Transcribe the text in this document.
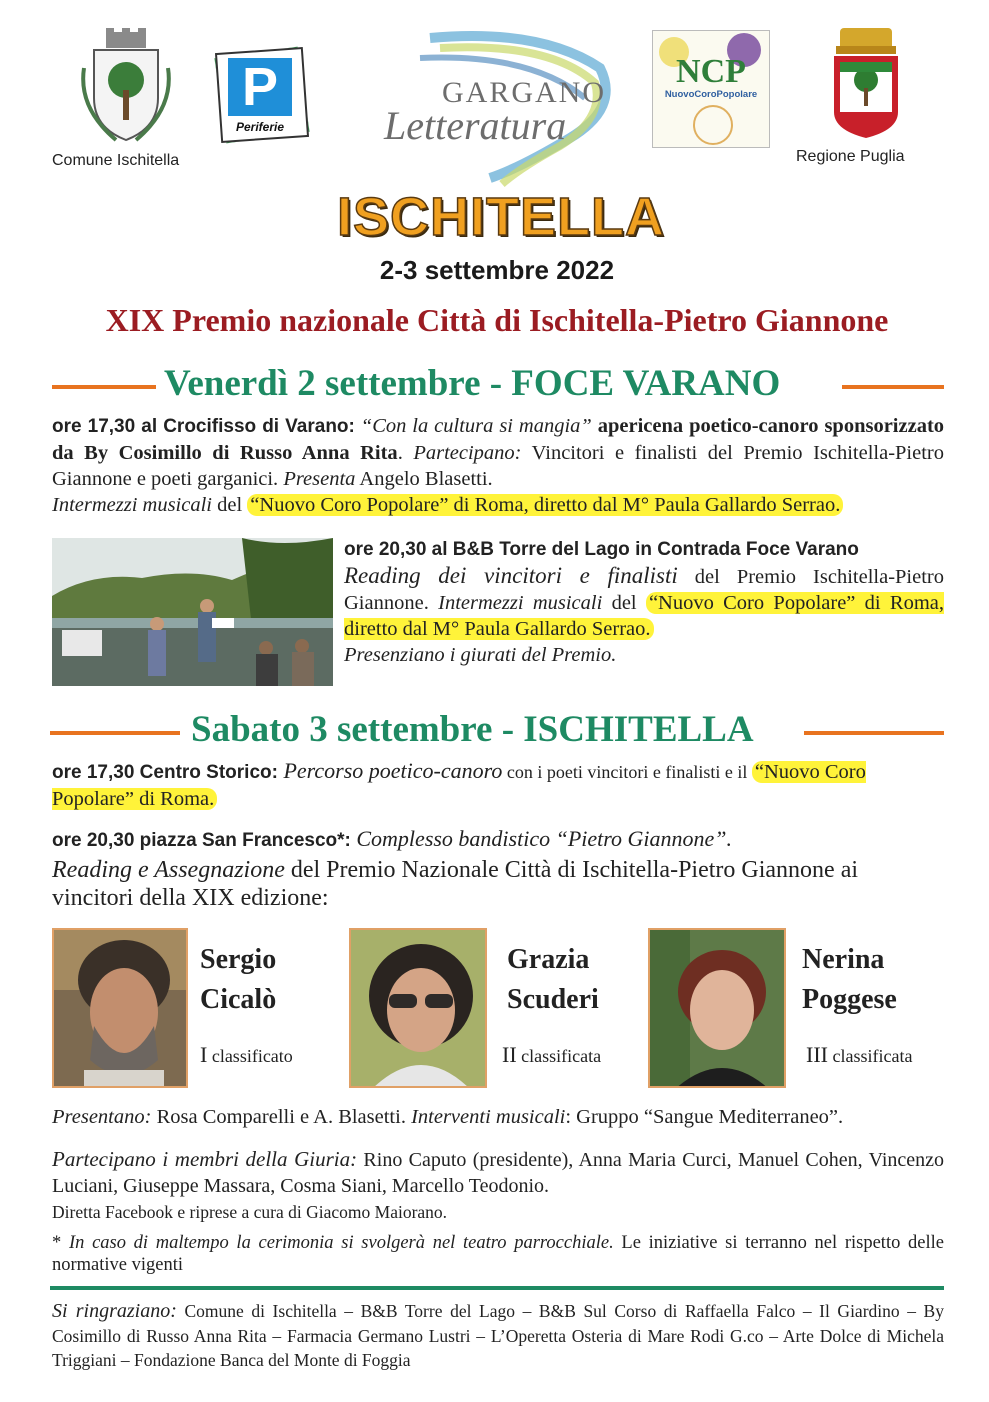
Comune Ischitella
P
Periferie
GARGANO
Letteratura
NCP
NuovoCoroPopolare
Regione Puglia
ISCHITELLA
2-3 settembre 2022
XIX Premio nazionale Città di Ischitella-Pietro Giannone
Venerdì 2 settembre - FOCE VARANO
ore 17,30 al Crocifisso di Varano: “Con la cultura si mangia” apericena poetico-canoro sponsorizzato da By Cosimillo di Russo Anna Rita. Partecipano: Vincitori e finalisti del Premio Ischitella-Pietro Giannone e poeti garganici. Presenta Angelo Blasetti.
Intermezzi musicali del “Nuovo Coro Popolare” di Roma, diretto dal M° Paula Gallardo Serrao.
ore 20,30 al B&B Torre del Lago in Contrada Foce Varano
Reading dei vincitori e finalisti del Premio Ischitella-Pietro Giannone. Intermezzi musicali del “Nuovo Coro Popolare” di Roma, diretto dal M° Paula Gallardo Serrao.
Presenziano i giurati del Premio.
Sabato 3 settembre - ISCHITELLA
ore 17,30 Centro Storico: Percorso poetico-canoro con i poeti vincitori e finalisti e il “Nuovo Coro Popolare” di Roma.
ore 20,30 piazza San Francesco*: Complesso bandistico “Pietro Giannone”.
Reading e Assegnazione del Premio Nazionale Città di Ischitella-Pietro Giannone ai vincitori della XIX edizione:
Sergio
Cicalò
I classificato
Grazia
Scuderi
II classificata
Nerina
Poggese
III classificata
Presentano: Rosa Comparelli e A. Blasetti. Interventi musicali: Gruppo “Sangue Mediterraneo”.
Partecipano i membri della Giuria: Rino Caputo (presidente), Anna Maria Curci, Manuel Cohen, Vincenzo Luciani, Giuseppe Massara, Cosma Siani, Marcello Teodonio.
Diretta Facebook e riprese a cura di Giacomo Maiorano.
* In caso di maltempo la cerimonia si svolgerà nel teatro parrocchiale. Le iniziative si terranno nel rispetto delle normative vigenti
Si ringraziano: Comune di Ischitella – B&B Torre del Lago – B&B Sul Corso di Raffaella Falco – Il Giardino – By Cosimillo di Russo Anna Rita – Farmacia Germano Lustri – L’Operetta Osteria di Mare Rodi G.co – Arte Dolce di Michela Triggiani – Fondazione Banca del Monte di Foggia
